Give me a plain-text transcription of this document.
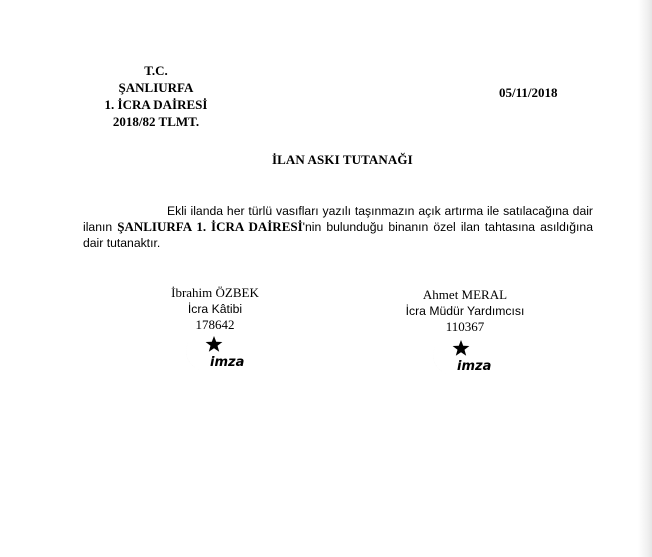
T.C.
ŞANLIURFA
1. İCRA DAİRESİ
2018/82 TLMT.
05/11/2018
İLAN ASKI TUTANAĞI
Ekli ilanda her türlü vasıfları yazılı taşınmazın açık artırma ile satılacağına dair ilanın ŞANLIURFA 1. İCRA DAİRESİ'nin bulunduğu binanın özel ilan tahtasına asıldığına dair tutanaktır.
İbrahim ÖZBEK
İcra Kâtibi
178642
imza
Ahmet MERAL
İcra Müdür Yardımcısı
110367
imza
